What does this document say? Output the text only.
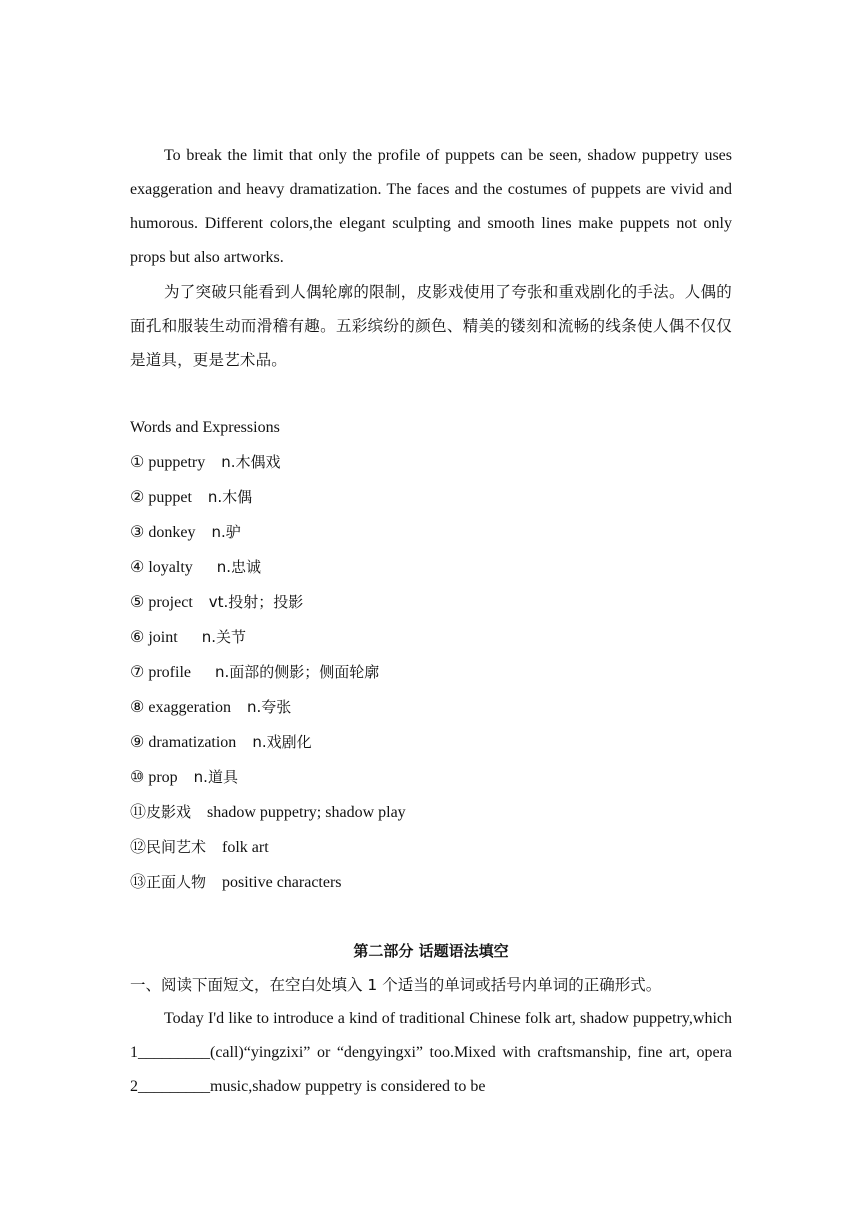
To break the limit that only the profile of puppets can be seen, shadow puppetry uses exaggeration and heavy dramatization. The faces and the costumes of puppets are vivid and humorous. Different colors,the elegant sculpting and smooth lines make puppets not only props but also artworks.

为了突破只能看到人偶轮廓的限制，皮影戏使用了夸张和重戏剧化的手法。人偶的面孔和服装生动而滑稽有趣。五彩缤纷的颜色、精美的镂刻和流畅的线条使人偶不仅仅是道具，更是艺术品。

Words and Expressions

① puppetry    n.木偶戏
② puppet    n.木偶
③ donkey    n.驴
④ loyalty      n.忠诚
⑤ project    vt.投射；投影
⑥ joint      n.关节
⑦ profile      n.面部的侧影；侧面轮廓
⑧ exaggeration    n.夸张
⑨ dramatization    n.戏剧化
⑩ prop    n.道具
⑪皮影戏    shadow puppetry; shadow play
⑫民间艺术    folk art
⑬正面人物    positive characters

第二部分 话题语法填空

一、阅读下面短文，在空白处填入 1 个适当的单词或括号内单词的正确形式。

Today I'd like to introduce a kind of traditional Chinese folk art, shadow puppetry,which 1_________(call)“yingzixi” or “dengyingxi” too.Mixed with craftsmanship, fine art, opera 2_________music,shadow puppetry is considered to be
